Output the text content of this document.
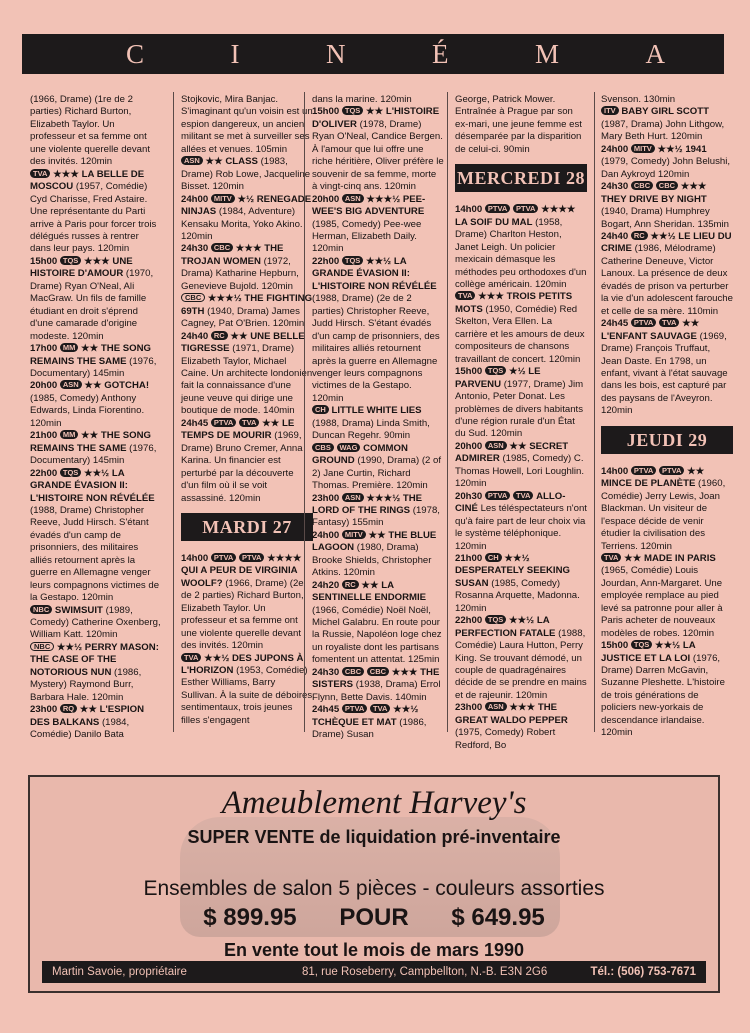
C	I	N	É	M	A

(1966, Drame) (1re de 2 parties) Richard Burton, Elizabeth Taylor. Un professeur et sa femme ont une violente querelle devant des invités. 120min

TVA ★★★ LA BELLE DE MOSCOU (1957, Comédie) Cyd Charisse, Fred Astaire. Une représentante du Parti arrive à Paris pour forcer trois délégués russes à rentrer dans leur pays. 120min

15h00 TQS ★★★ UNE HISTOIRE D'AMOUR (1970, Drame) Ryan O'Neal, Ali MacGraw. Un fils de famille étudiant en droit s'éprend d'une camarade d'origine modeste. 120min

17h00 MM ★★ THE SONG REMAINS THE SAME (1976, Documentary) 145min

20h00 ASN ★★ GOTCHA! (1985, Comedy) Anthony Edwards, Linda Fiorentino. 120min

21h00 MM ★★ THE SONG REMAINS THE SAME (1976, Documentary) 145min

22h00 TQS ★★½ LA GRANDE ÉVASION II: L'HISTOIRE NON RÉVÉLÉE (1988, Drame) Christopher Reeve, Judd Hirsch. S'étant évadés d'un camp de prisonniers, des militaires alliés retournent après la guerre en Allemagne venger leurs compagnons victimes de la Gestapo. 120min

NBC SWIMSUIT (1989, Comedy) Catherine Oxenberg, William Katt. 120min

NBC ★★½ PERRY MASON: THE CASE OF THE NOTORIOUS NUN (1986, Mystery) Raymond Burr, Barbara Hale. 120min

23h00 RQ ★★ L'ESPION DES BALKANS (1984, Comédie) Danilo Bata

Stojkovic, Mira Banjac. S'imaginant qu'un voisin est un espion dangereux, un ancien militant se met à surveiller ses allées et venues. 105min

ASN ★★ CLASS (1983, Drame) Rob Lowe, Jacqueline Bisset. 120min

24h00 MITV ★½ RENEGADE NINJAS (1984, Adventure) Kensaku Morita, Yoko Akino. 120min

24h30 CBC ★★★ THE TROJAN WOMEN (1972, Drama) Katharine Hepburn, Genevieve Bujold. 120min

CBC ★★★½ THE FIGHTING 69TH (1940, Drama) James Cagney, Pat O'Brien. 120min

24h40 RC ★★ UNE BELLE TIGRESSE (1971, Drame) Elizabeth Taylor, Michael Caine. Un architecte londonien fait la connaissance d'une jeune veuve qui dirige une boutique de mode. 140min

24h45 PTVA TVA ★★ LE TEMPS DE MOURIR (1969, Drame) Bruno Cremer, Anna Karina. Un financier est perturbé par la découverte d'un film où il se voit assassiné. 120min

MARDI 27

14h00 PTVA PTVA ★★★★ QUI A PEUR DE VIRGINIA WOOLF? (1966, Drame) (2e de 2 parties) Richard Burton, Elizabeth Taylor. Un professeur et sa femme ont une violente querelle devant des invités. 120min

TVA ★★½ DES JUPONS À L'HORIZON (1953, Comédie) Esther Williams, Barry Sullivan. À la suite de déboires sentimentaux, trois jeunes filles s'engagent

dans la marine. 120min

15h00 TQS ★★ L'HISTOIRE D'OLIVER (1978, Drame) Ryan O'Neal, Candice Bergen. À l'amour que lui offre une riche héritière, Oliver préfère le souvenir de sa femme, morte à vingt-cinq ans. 120min

20h00 ASN ★★★½ PEE-WEE'S BIG ADVENTURE (1985, Comedy) Pee-wee Herman, Elizabeth Daily. 120min

22h00 TQS ★★½ LA GRANDE ÉVASION II: L'HISTOIRE NON RÉVÉLÉE (1988, Drame) (2e de 2 parties) Christopher Reeve, Judd Hirsch. S'étant évadés d'un camp de prisonniers, des militaires alliés retournent après la guerre en Allemagne venger leurs compagnons victimes de la Gestapo. 120min

CH LITTLE WHITE LIES (1988, Drama) Linda Smith, Duncan Regehr. 90min

CBS WAG COMMON GROUND (1990, Drama) (2 of 2) Jane Curtin, Richard Thomas. Première. 120min

23h00 ASN ★★★½ THE LORD OF THE RINGS (1978, Fantasy) 155min

24h00 MITV ★★ THE BLUE LAGOON (1980, Drama) Brooke Shields, Christopher Atkins. 120min

24h20 RC ★★ LA SENTINELLE ENDORMIE (1966, Comédie) Noël Noël, Michel Galabru. En route pour la Russie, Napoléon loge chez un royaliste dont les partisans fomentent un attentat. 125min

24h30 CBC CBC ★★★ THE SISTERS (1938, Drama) Errol Flynn, Bette Davis. 140min

24h45 PTVA TVA ★★½ TCHÈQUE ET MAT (1986, Drame) Susan

George, Patrick Mower. Entraînée à Prague par son ex-mari, une jeune femme est désemparée par la disparition de celui-ci. 90min

MERCREDI 28

14h00 PTVA PTVA ★★★★ LA SOIF DU MAL (1958, Drame) Charlton Heston, Janet Leigh. Un policier mexicain démasque les méthodes peu orthodoxes d'un collège américain. 120min

TVA ★★★ TROIS PETITS MOTS (1950, Comédie) Red Skelton, Vera Ellen. La carrière et les amours de deux compositeurs de chansons travaillant de concert. 120min

15h00 TQS ★½ LE PARVENU (1977, Drame) Jim Antonio, Peter Donat. Les problèmes de divers habitants d'une région rurale d'un État du Sud. 120min

20h00 ASN ★★ SECRET ADMIRER (1985, Comedy) C. Thomas Howell, Lori Loughlin. 120min

20h30 PTVA TVA ALLO-CINÉ Les téléspectateurs n'ont qu'à faire part de leur choix via le système téléphonique. 120min

21h00 CH ★★½ DESPERATELY SEEKING SUSAN (1985, Comedy) Rosanna Arquette, Madonna. 120min

22h00 TQS ★★½ LA PERFECTION FATALE (1988, Comédie) Laura Hutton, Perry King. Se trouvant démodé, un couple de quadragénaires décide de se prendre en mains et de rajeunir. 120min

23h00 ASN ★★★ THE GREAT WALDO PEPPER (1975, Comedy) Robert Redford, Bo

Svenson. 130min

ITV BABY GIRL SCOTT (1987, Drama) John Lithgow, Mary Beth Hurt. 120min

24h00 MITV ★★½ 1941 (1979, Comedy) John Belushi, Dan Aykroyd 120min

24h30 CBC CBC ★★★ THEY DRIVE BY NIGHT (1940, Drama) Humphrey Bogart, Ann Sheridan. 135min

24h40 RC ★★½ LE LIEU DU CRIME (1986, Mélodrame) Catherine Deneuve, Victor Lanoux. La présence de deux évadés de prison va perturber la vie d'un adolescent farouche et celle de sa mère. 110min

24h45 PTVA TVA ★★ L'ENFANT SAUVAGE (1969, Drame) François Truffaut, Jean Daste. En 1798, un enfant, vivant à l'état sauvage dans les bois, est capturé par des paysans de l'Aveyron. 120min

JEUDI 29

14h00 PTVA PTVA ★★ MINCE DE PLANÈTE (1960, Comédie) Jerry Lewis, Joan Blackman. Un visiteur de l'espace décide de venir étudier la civilisation des Terriens. 120min

TVA ★★ MADE IN PARIS (1965, Comédie) Louis Jourdan, Ann-Margaret. Une employée remplace au pied levé sa patronne pour aller à Paris acheter de nouveaux modèles de robes. 120min

15h00 TQS ★★½ LA JUSTICE ET LA LOI (1976, Drame) Darren McGavin, Suzanne Pleshette. L'histoire de trois générations de policiers new-yorkais de descendance irlandaise. 120min

Ameublement Harvey's
SUPER VENTE de liquidation pré-inventaire
Ensembles de salon 5 pièces - couleurs assorties
$ 899.95 POUR $ 649.95
En vente tout le mois de mars 1990
Martin Savoie, propriétaire	81, rue Roseberry, Campbellton, N.-B. E3N 2G6	Tél.: (506) 753-7671
